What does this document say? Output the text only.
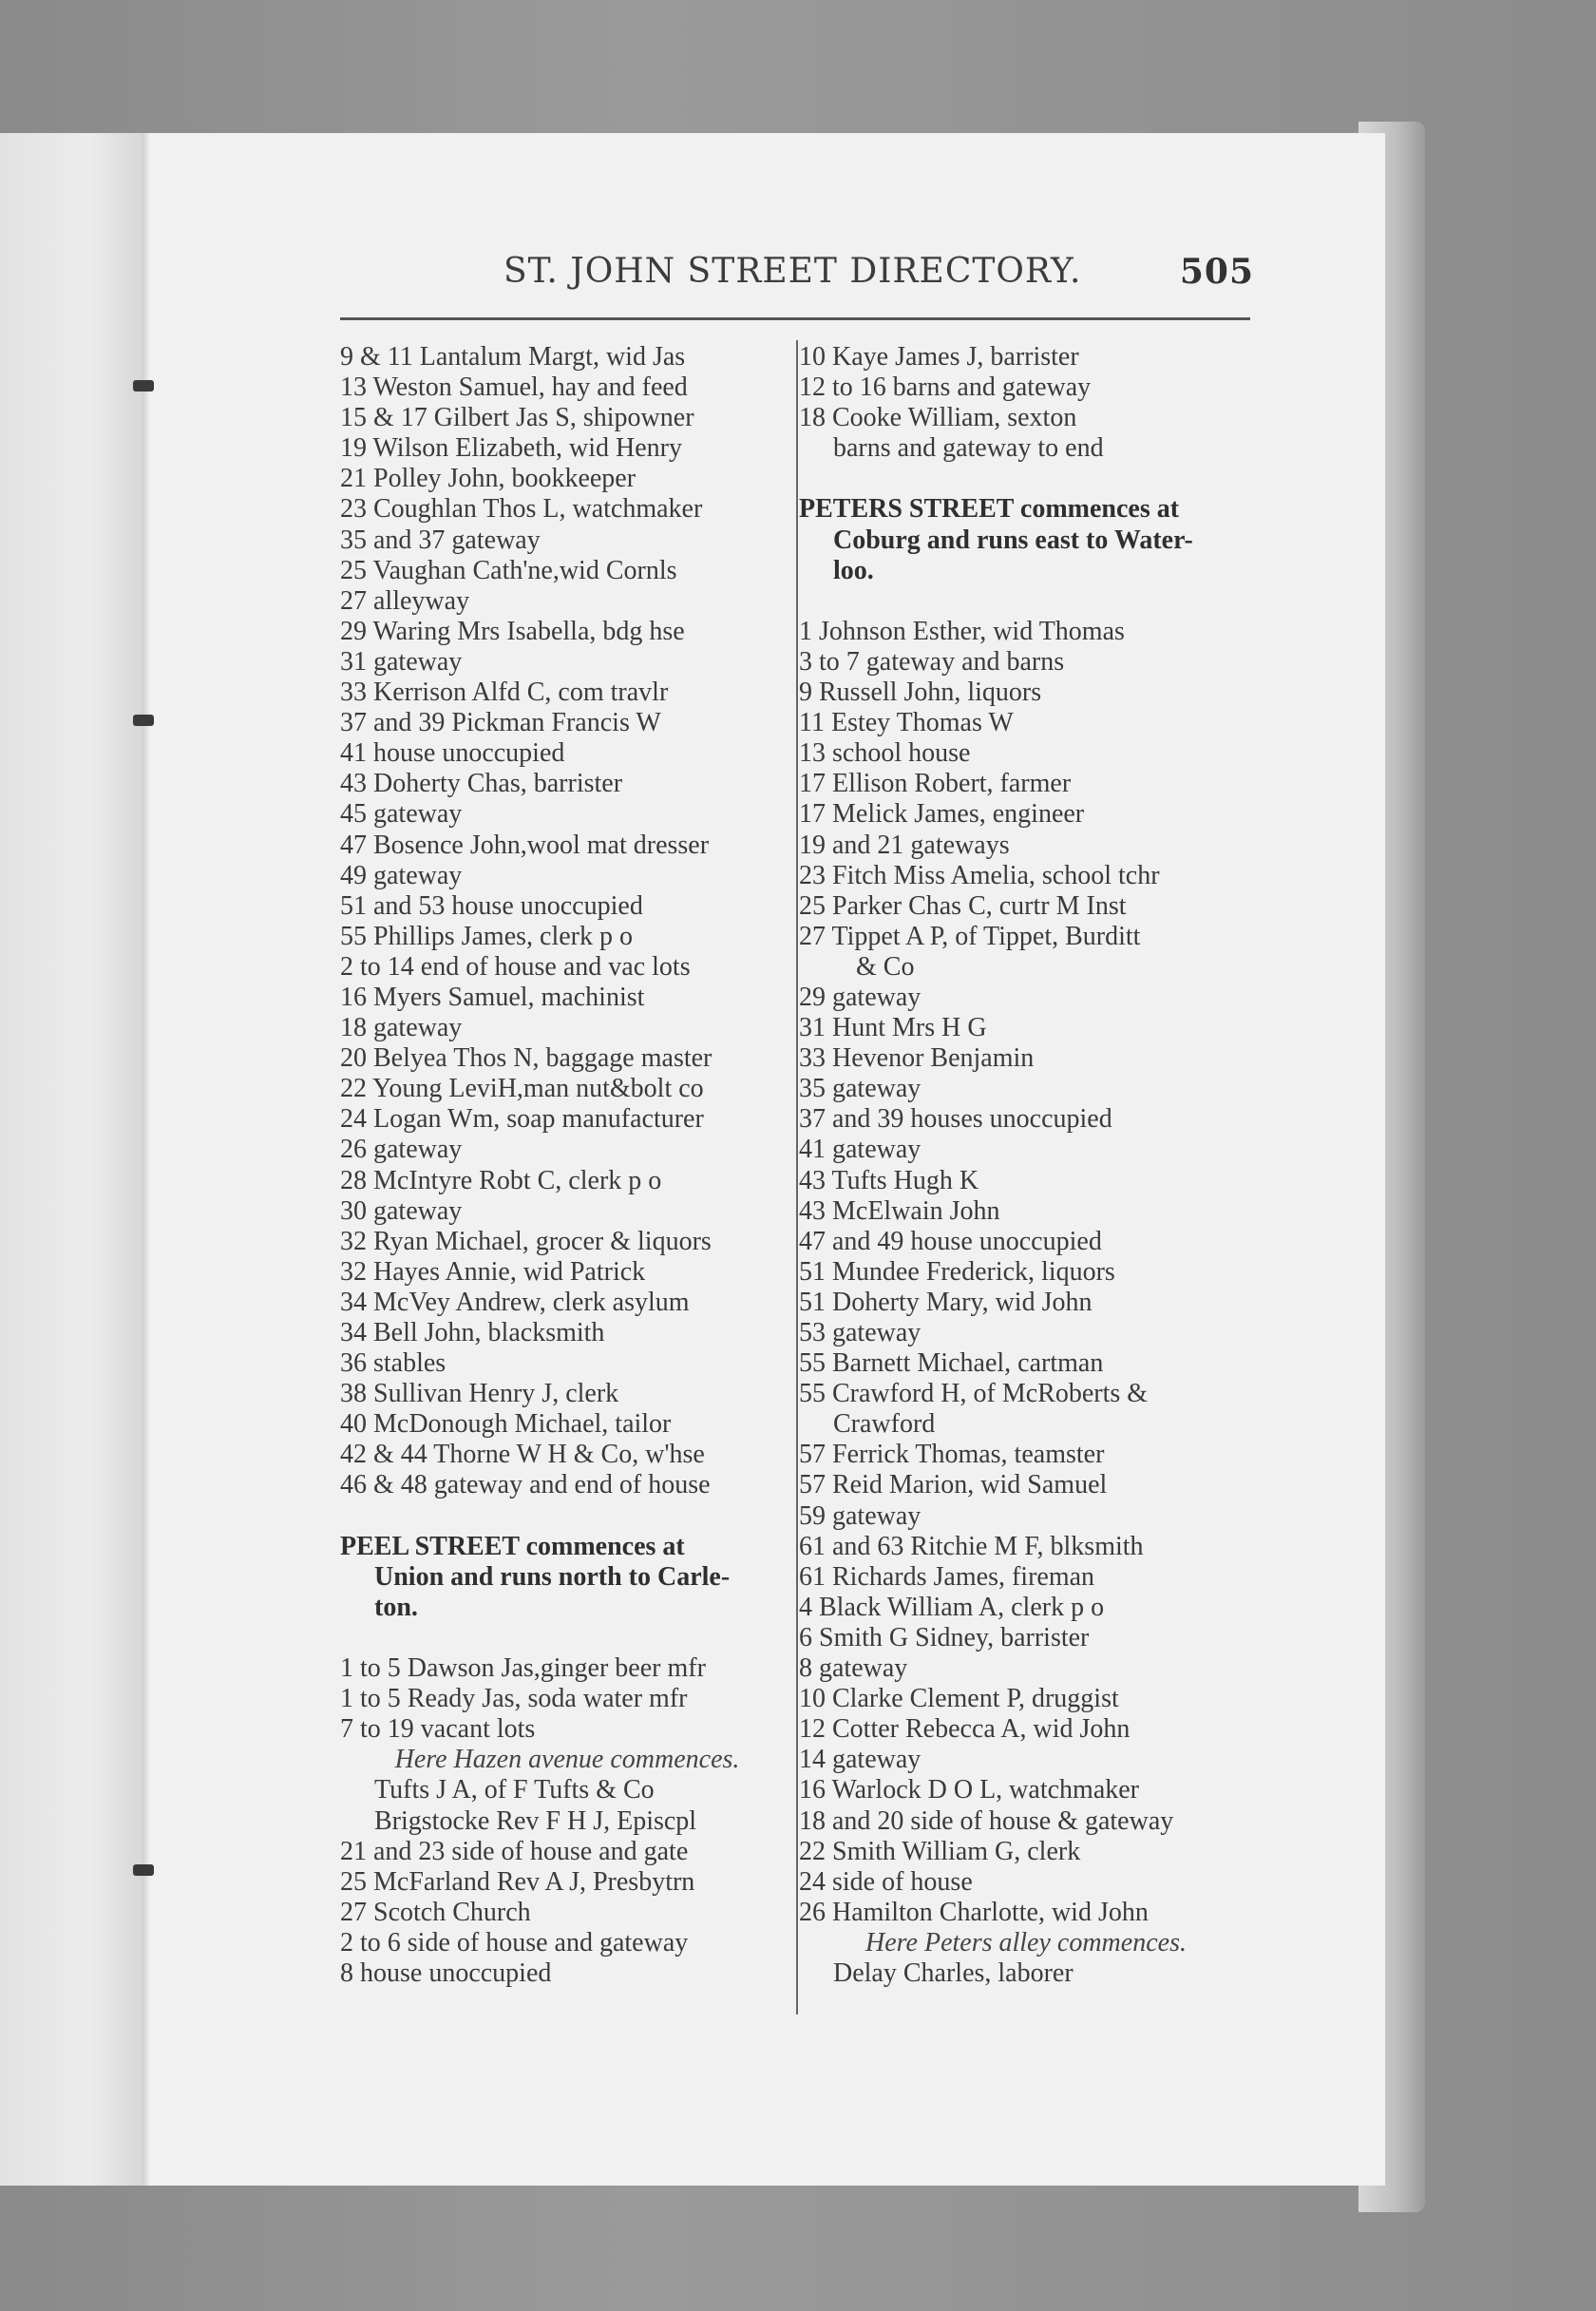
ST. JOHN STREET DIRECTORY.	505
9 & 11 Lantalum Margt, wid Jas
13 Weston Samuel, hay and feed
15 & 17 Gilbert Jas S, shipowner
19 Wilson Elizabeth, wid Henry
21 Polley John, bookkeeper
23 Coughlan Thos L, watchmaker
35 and 37 gateway
25 Vaughan Cath'ne,wid Cornls
27 alleyway
29 Waring Mrs Isabella, bdg hse
31 gateway
33 Kerrison Alfd C, com travlr
37 and 39 Pickman Francis W
41 house unoccupied
43 Doherty Chas, barrister
45 gateway
47 Bosence John,wool mat dresser
49 gateway
51 and 53 house unoccupied
55 Phillips James, clerk p o
2 to 14 end of house and vac lots
16 Myers Samuel, machinist
18 gateway
20 Belyea Thos N, baggage master
22 Young LeviH,man nut&bolt co
24 Logan Wm, soap manufacturer
26 gateway
28 McIntyre Robt C, clerk p o
30 gateway
32 Ryan Michael, grocer & liquors
32 Hayes Annie, wid Patrick
34 McVey Andrew, clerk asylum
34 Bell John, blacksmith
36 stables
38 Sullivan Henry J, clerk
40 McDonough Michael, tailor
42 & 44 Thorne W H & Co, w'hse
46 & 48 gateway and end of house
PEEL STREET commences at
Union and runs north to Carle-
ton.
1 to 5 Dawson Jas,ginger beer mfr
1 to 5 Ready Jas, soda water mfr
7 to 19 vacant lots
Here Hazen avenue commences.
Tufts J A, of F Tufts & Co
Brigstocke Rev F H J, Episcpl
21 and 23 side of house and gate
25 McFarland Rev A J, Presbytrn
27 Scotch Church
2 to 6 side of house and gateway
8 house unoccupied
10 Kaye James J, barrister
12 to 16 barns and gateway
18 Cooke William, sexton
barns and gateway to end
PETERS STREET commences at
Coburg and runs east to Water-
loo.
1 Johnson Esther, wid Thomas
3 to 7 gateway and barns
9 Russell John, liquors
11 Estey Thomas W
13 school house
17 Ellison Robert, farmer
17 Melick James, engineer
19 and 21 gateways
23 Fitch Miss Amelia, school tchr
25 Parker Chas C, curtr M Inst
27 Tippet A P, of Tippet, Burditt
& Co
29 gateway
31 Hunt Mrs H G
33 Hevenor Benjamin
35 gateway
37 and 39 houses unoccupied
41 gateway
43 Tufts Hugh K
43 McElwain John
47 and 49 house unoccupied
51 Mundee Frederick, liquors
51 Doherty Mary, wid John
53 gateway
55 Barnett Michael, cartman
55 Crawford H, of McRoberts &
Crawford
57 Ferrick Thomas, teamster
57 Reid Marion, wid Samuel
59 gateway
61 and 63 Ritchie M F, blksmith
61 Richards James, fireman
4 Black William A, clerk p o
6 Smith G Sidney, barrister
8 gateway
10 Clarke Clement P, druggist
12 Cotter Rebecca A, wid John
14 gateway
16 Warlock D O L, watchmaker
18 and 20 side of house & gateway
22 Smith William G, clerk
24 side of house
26 Hamilton Charlotte, wid John
Here Peters alley commences.
Delay Charles, laborer
